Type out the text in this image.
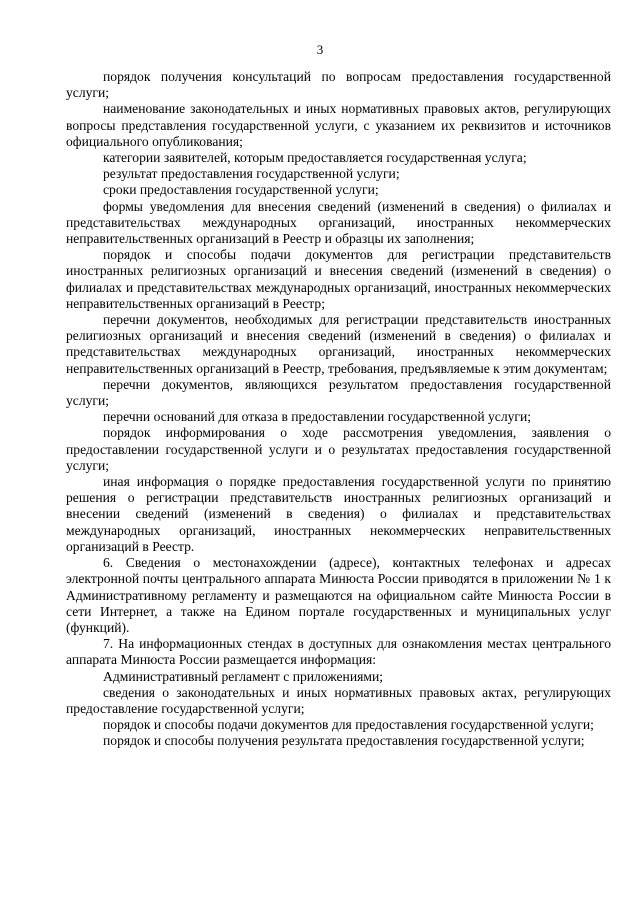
3

порядок получения консультаций по вопросам предоставления государственной услуги;

наименование законодательных и иных нормативных правовых актов, регулирующих вопросы представления государственной услуги, с указанием их реквизитов и источников официального опубликования;

категории заявителей, которым предоставляется государственная услуга;

результат предоставления государственной услуги;

сроки предоставления государственной услуги;

формы уведомления для внесения сведений (изменений в сведения) о филиалах и представительствах международных организаций, иностранных некоммерческих неправительственных организаций в Реестр и образцы их заполнения;

порядок и способы подачи документов для регистрации представительств иностранных религиозных организаций и внесения сведений (изменений в сведения) о филиалах и представительствах международных организаций, иностранных некоммерческих неправительственных организаций в Реестр;

перечни документов, необходимых для регистрации представительств иностранных религиозных организаций и внесения сведений (изменений в сведения) о филиалах и представительствах международных организаций, иностранных некоммерческих неправительственных организаций в Реестр, требования, предъявляемые к этим документам;

перечни документов, являющихся результатом предоставления государственной услуги;

перечни оснований для отказа в предоставлении государственной услуги;

порядок информирования о ходе рассмотрения уведомления, заявления о предоставлении государственной услуги и о результатах предоставления государственной услуги;

иная информация о порядке предоставления государственной услуги по принятию решения о регистрации представительств иностранных религиозных организаций и внесении сведений (изменений в сведения) о филиалах и представительствах международных организаций, иностранных некоммерческих неправительственных организаций в Реестр.

6. Сведения о местонахождении (адресе), контактных телефонах и адресах электронной почты центрального аппарата Минюста России приводятся в приложении № 1 к Административному регламенту и размещаются на официальном сайте Минюста России в сети Интернет, а также на Едином портале государственных и муниципальных услуг (функций).

7. На информационных стендах в доступных для ознакомления местах центрального аппарата Минюста России размещается информация:

Административный регламент с приложениями;

сведения о законодательных и иных нормативных правовых актах, регулирующих предоставление государственной услуги;

порядок и способы подачи документов для предоставления государственной услуги;

порядок и способы получения результата предоставления государственной услуги;
